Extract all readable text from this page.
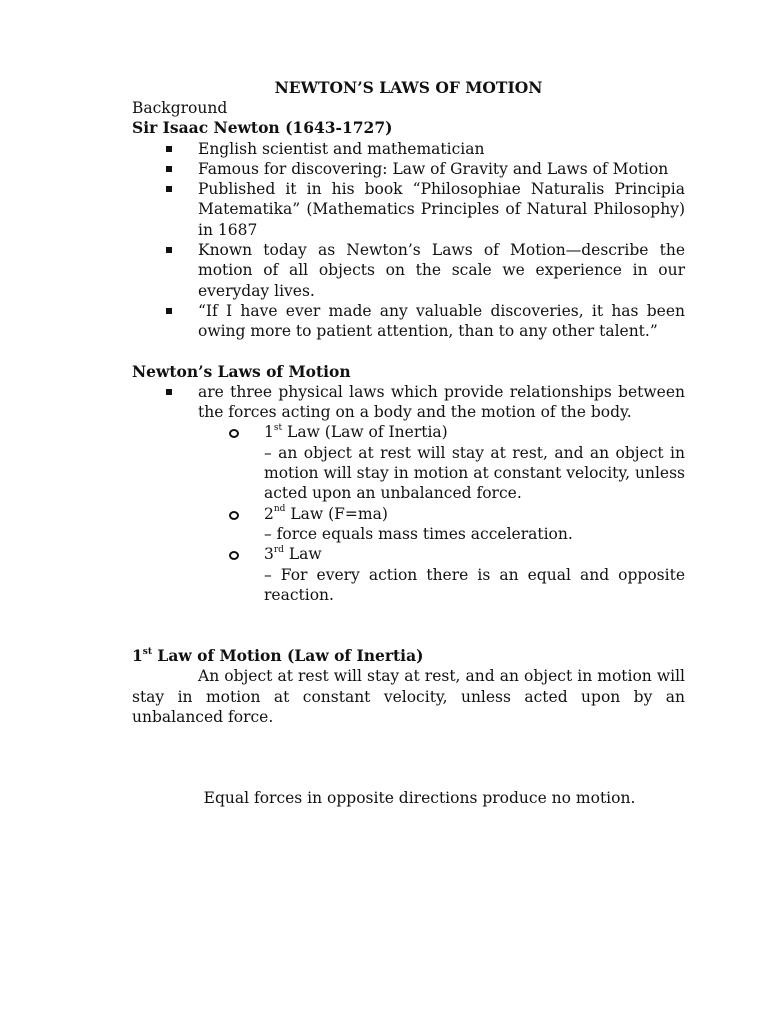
NEWTON’S LAWS OF MOTION

Background

Sir Isaac Newton (1643-1727)

English scientist and mathematician
Famous for discovering: Law of Gravity and Laws of Motion
Published it in his book “Philosophiae Naturalis Principia Matematika” (Mathematics Principles of Natural Philosophy) in 1687
Known today as Newton’s Laws of Motion—describe the motion of all objects on the scale we experience in our everyday lives.
“If I have ever made any valuable discoveries, it has been owing more to patient attention, than to any other talent.”

Newton’s Laws of Motion

are three physical laws which provide relationships between the forces acting on a body and the motion of the body.
1st Law (Law of Inertia)
– an object at rest will stay at rest, and an object in motion will stay in motion at constant velocity, unless acted upon an unbalanced force.
2nd Law (F=ma)
– force equals mass times acceleration.
3rd Law
– For every action there is an equal and opposite reaction.

1st Law of Motion (Law of Inertia)

An object at rest will stay at rest, and an object in motion will stay in motion at constant velocity, unless acted upon by an unbalanced force.

Equal forces in opposite directions produce no motion.
